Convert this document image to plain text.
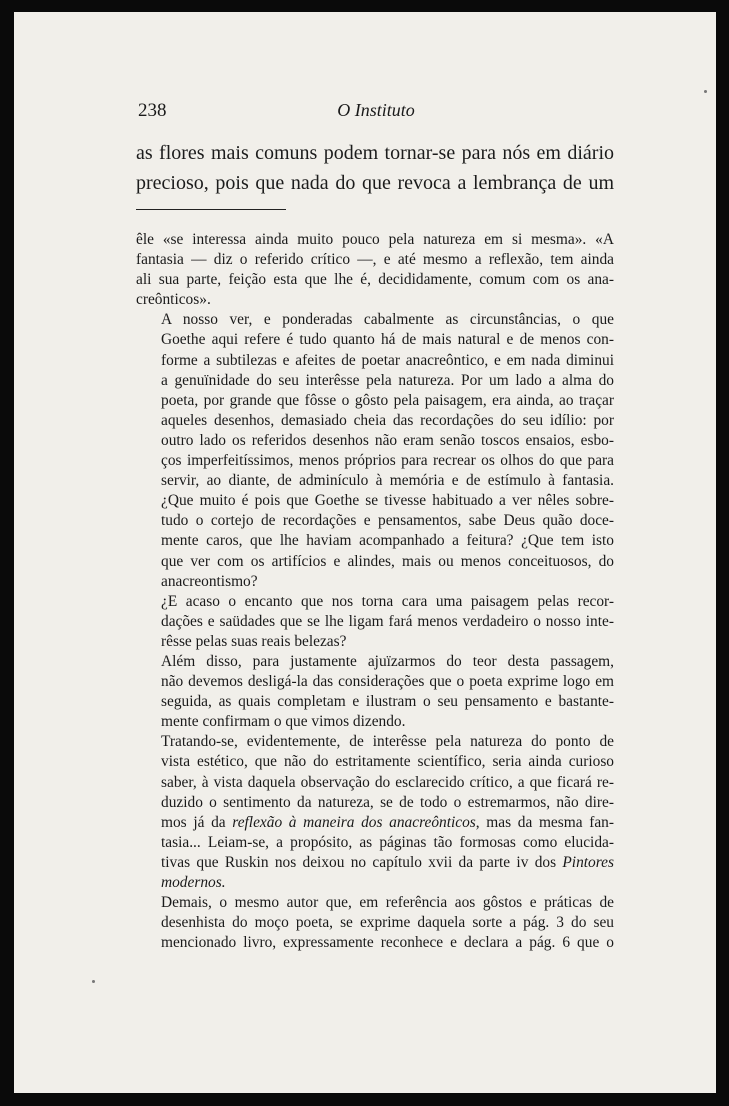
238	O Instituto
as flores mais comuns podem tornar-se para nós em diário
precioso, pois que nada do que revoca a lembrança de um

êle «se interessa ainda muito pouco pela natureza em si mesma». «A
fantasia — diz o referido crítico —, e até mesmo a reflexão, tem ainda
ali sua parte, feição esta que lhe é, decididamente, comum com os ana-
creônticos».

A nosso ver, e ponderadas cabalmente as circunstâncias, o que
Goethe aqui refere é tudo quanto há de mais natural e de menos con-
forme a subtilezas e afeites de poetar anacreôntico, e em nada diminui
a genuïnidade do seu interêsse pela natureza. Por um lado a alma do
poeta, por grande que fôsse o gôsto pela paisagem, era ainda, ao traçar
aqueles desenhos, demasiado cheia das recordações do seu idílio: por
outro lado os referidos desenhos não eram senão toscos ensaios, esbo-
ços imperfeitíssimos, menos próprios para recrear os olhos do que para
servir, ao diante, de adminículo à memória e de estímulo à fantasia.
¿Que muito é pois que Goethe se tivesse habituado a ver nêles sobre-
tudo o cortejo de recordações e pensamentos, sabe Deus quão doce-
mente caros, que lhe haviam acompanhado a feitura? ¿Que tem isto
que ver com os artifícios e alindes, mais ou menos conceituosos, do
anacreontismo?

¿E acaso o encanto que nos torna cara uma paisagem pelas recor-
dações e saüdades que se lhe ligam fará menos verdadeiro o nosso inte-
rêsse pelas suas reais belezas?

Além disso, para justamente ajuïzarmos do teor desta passagem,
não devemos desligá-la das considerações que o poeta exprime logo em
seguida, as quais completam e ilustram o seu pensamento e bastante-
mente confirmam o que vimos dizendo.

Tratando-se, evidentemente, de interêsse pela natureza do ponto de
vista estético, que não do estritamente scientífico, seria ainda curioso
saber, à vista daquela observação do esclarecido crítico, a que ficará re-
duzido o sentimento da natureza, se de todo o estremarmos, não dire-
mos já da reflexão à maneira dos anacreônticos, mas da mesma fan-
tasia... Leiam-se, a propósito, as páginas tão formosas como elucida-
tivas que Ruskin nos deixou no capítulo xvii da parte iv dos Pintores
modernos.

Demais, o mesmo autor que, em referência aos gôstos e práticas de
desenhista do moço poeta, se exprime daquela sorte a pág. 3 do seu
mencionado livro, expressamente reconhece e declara a pág. 6 que o
